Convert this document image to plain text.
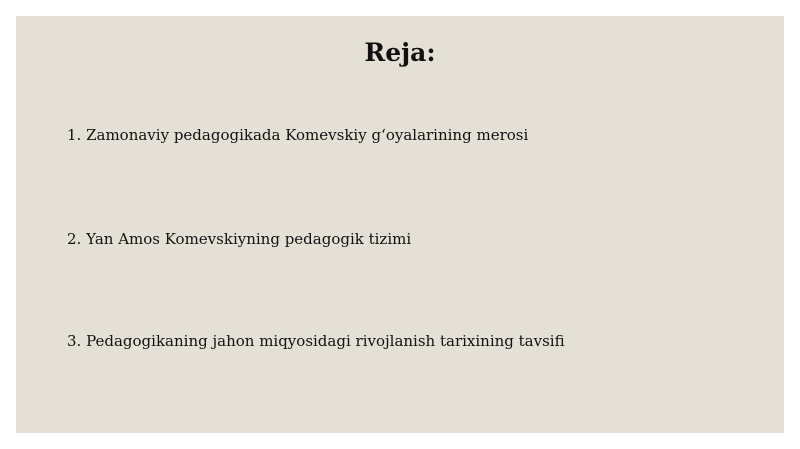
Reja:
1. Zamonaviy pedagogikada Komevskiy g‘oyalarining merosi
2. Yan Amos Komevskiyning pedagogik tizimi
3. Pedagogikaning jahon miqyosidagi rivojlanish tarixining tavsifi
